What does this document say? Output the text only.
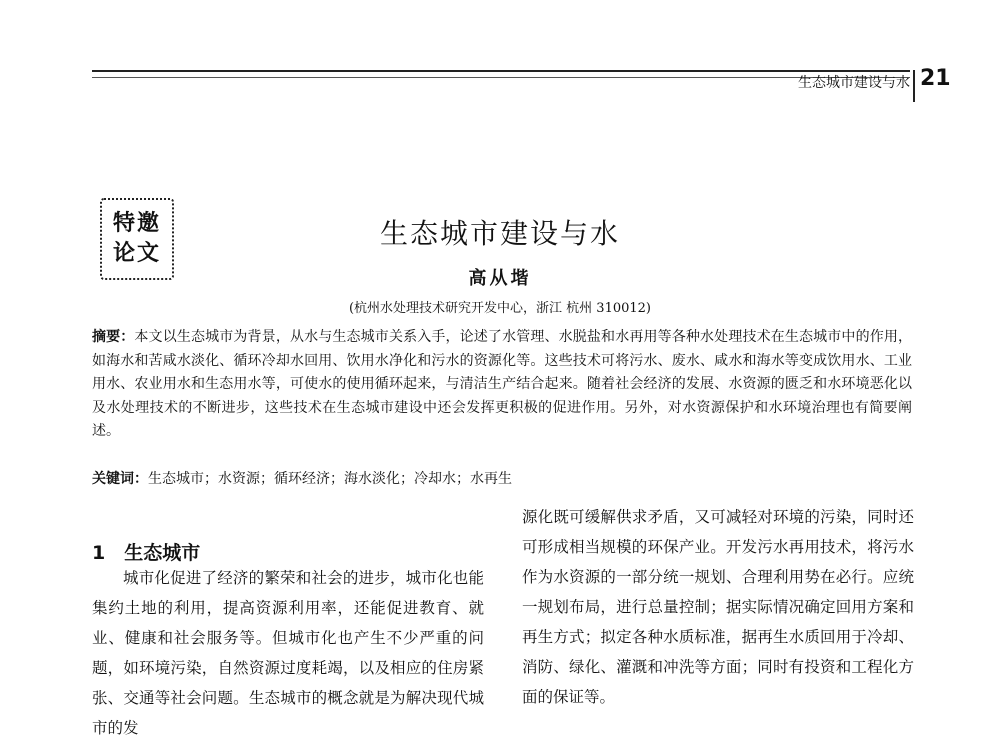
生态城市建设与水 21
特邀
论文
生态城市建设与水
高从堦
(杭州水处理技术研究开发中心，浙江 杭州 310012)
摘要：本文以生态城市为背景，从水与生态城市关系入手，论述了水管理、水脱盐和水再用等各种水处理技术在生态城市中的作用，如海水和苦咸水淡化、循环冷却水回用、饮用水净化和污水的资源化等。这些技术可将污水、废水、咸水和海水等变成饮用水、工业用水、农业用水和生态用水等，可使水的使用循环起来，与清洁生产结合起来。随着社会经济的发展、水资源的匮乏和水环境恶化以及水处理技术的不断进步，这些技术在生态城市建设中还会发挥更积极的促进作用。另外，对水资源保护和水环境治理也有简要阐述。
关键词：生态城市；水资源；循环经济；海水淡化；冷却水；水再生
1　生态城市

城市化促进了经济的繁荣和社会的进步，城市化也能集约土地的利用，提高资源利用率，还能促进教育、就业、健康和社会服务等。但城市化也产生不少严重的问题，如环境污染，自然资源过度耗竭，以及相应的住房紧张、交通等社会问题。生态城市的概念就是为解决现代城市的发

源化既可缓解供求矛盾，又可减轻对环境的污染，同时还可形成相当规模的环保产业。开发污水再用技术，将污水作为水资源的一部分统一规划、合理利用势在必行。应统一规划布局，进行总量控制；据实际情况确定回用方案和再生方式；拟定各种水质标准，据再生水质回用于冷却、消防、绿化、灌溉和冲洗等方面；同时有投资和工程化方面的保证等。
